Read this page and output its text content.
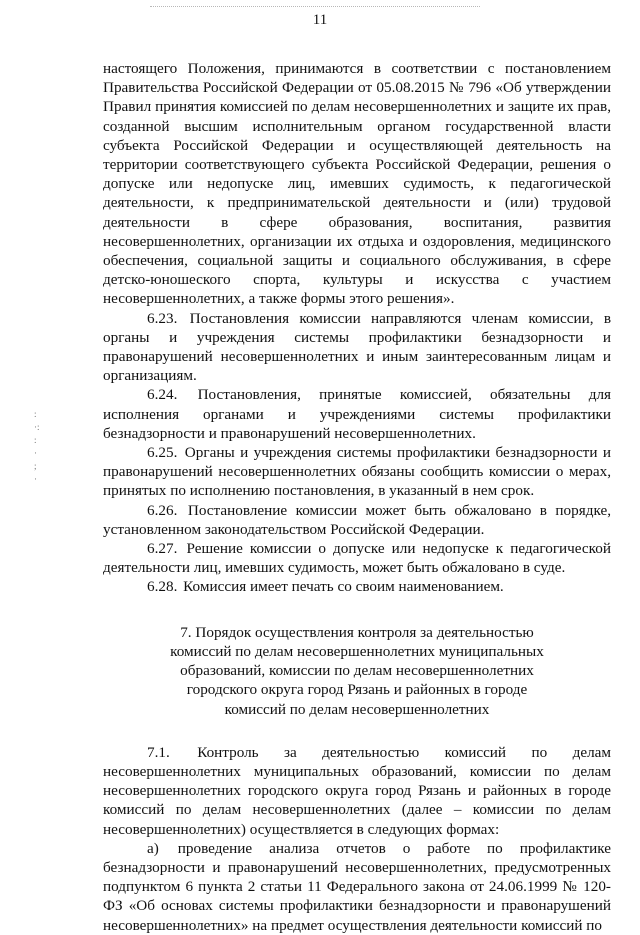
11
:
·:
:
·
;
·

настоящего Положения, принимаются в соответствии с постановлением Правительства Российской Федерации от 05.08.2015 № 796 «Об утверждении Правил принятия комиссией по делам несовершеннолетних и защите их прав, созданной высшим исполнительным органом государственной власти субъекта Российской Федерации и осуществляющей деятельность на территории соответствующего субъекта Российской Федерации, решения о допуске или недопуске лиц, имевших судимость, к педагогической деятельности, к предпринимательской деятельности и (или) трудовой деятельности в сфере образования, воспитания, развития несовершеннолетних, организации их отдыха и оздоровления, медицинского обеспечения, социальной защиты и социального обслуживания, в сфере детско-юношеского спорта, культуры и искусства с участием несовершеннолетних, а также формы этого решения».

6.23. Постановления комиссии направляются членам комиссии, в органы и учреждения системы профилактики безнадзорности и правонарушений несовершеннолетних и иным заинтересованным лицам и организациям.

6.24. Постановления, принятые комиссией, обязательны для исполнения органами и учреждениями системы профилактики безнадзорности и правонарушений несовершеннолетних.

6.25. Органы и учреждения системы профилактики безнадзорности и правонарушений несовершеннолетних обязаны сообщить комиссии о мерах, принятых по исполнению постановления, в указанный в нем срок.

6.26. Постановление комиссии может быть обжаловано в порядке, установленном законодательством Российской Федерации.

6.27. Решение комиссии о допуске или недопуске к педагогической деятельности лиц, имевших судимость, может быть обжаловано в суде.

6.28. Комиссия имеет печать со своим наименованием.

7. Порядок осуществления контроля за деятельностью
комиссий по делам несовершеннолетних муниципальных
образований, комиссии по делам несовершеннолетних
городского округа город Рязань и районных в городе
комиссий по делам несовершеннолетних

7.1. Контроль за деятельностью комиссий по делам несовершеннолетних муниципальных образований, комиссии по делам несовершеннолетних городского округа город Рязань и районных в городе комиссий по делам несовершеннолетних (далее – комиссии по делам несовершеннолетних) осуществляется в следующих формах:

а) проведение анализа отчетов о работе по профилактике безнадзорности и правонарушений несовершеннолетних, предусмотренных подпунктом 6 пункта 2 статьи 11 Федерального закона от 24.06.1999 № 120-ФЗ «Об основах системы профилактики безнадзорности и правонарушений несовершеннолетних» на предмет осуществления деятельности комиссий по
